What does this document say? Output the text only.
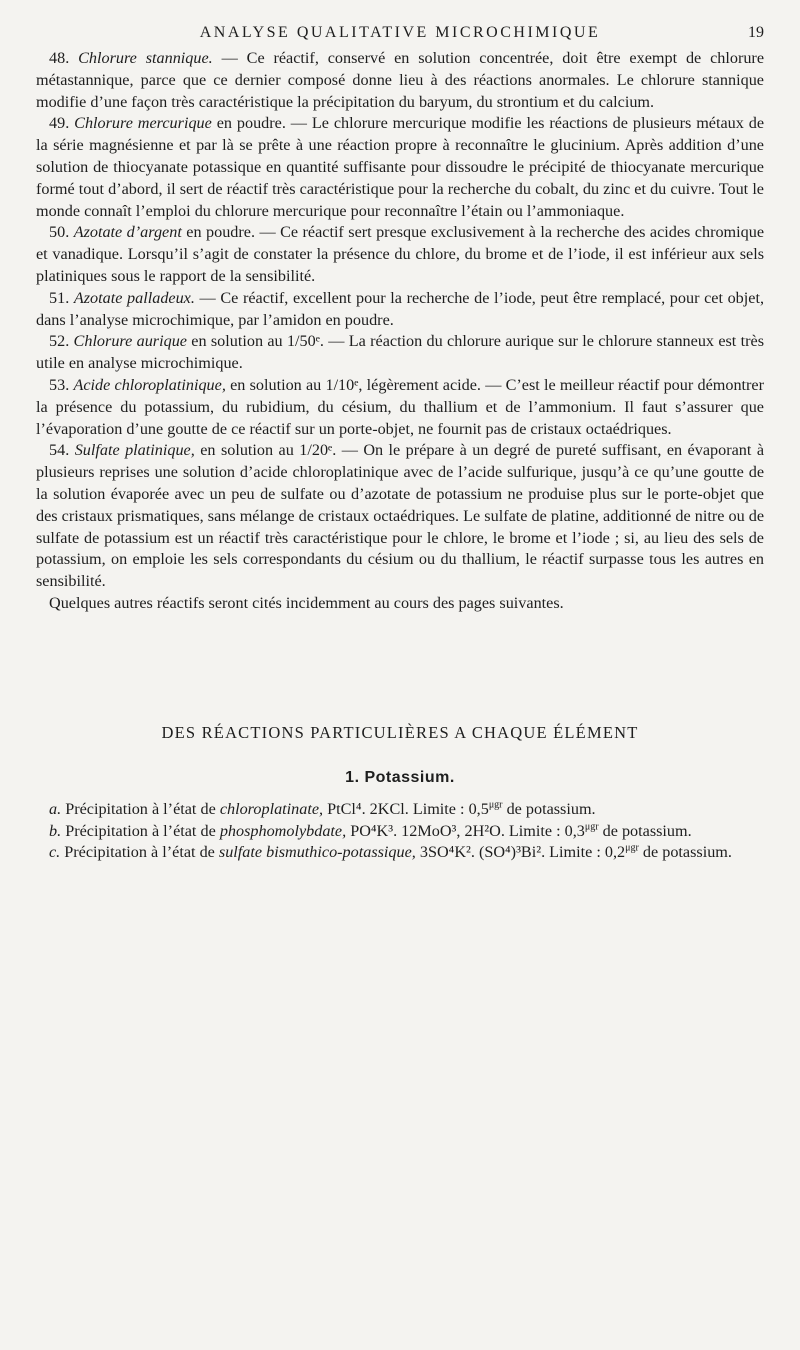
ANALYSE QUALITATIVE MICROCHIMIQUE	19

48. Chlorure stannique. — Ce réactif, conservé en solution concentrée, doit être exempt de chlorure métastannique, parce que ce dernier composé donne lieu à des réactions anormales. Le chlorure stannique modifie d’une façon très caractéristique la précipitation du baryum, du strontium et du calcium.

49. Chlorure mercurique en poudre. — Le chlorure mercurique modifie les réactions de plusieurs métaux de la série magnésienne et par là se prête à une réaction propre à reconnaître le glucinium. Après addition d’une solution de thiocyanate potassique en quantité suffisante pour dissoudre le précipité de thiocyanate mercurique formé tout d’abord, il sert de réactif très caractéristique pour la recherche du cobalt, du zinc et du cuivre. Tout le monde connaît l’emploi du chlorure mercurique pour reconnaître l’étain ou l’ammoniaque.

50. Azotate d’argent en poudre. — Ce réactif sert presque exclusivement à la recherche des acides chromique et vanadique. Lorsqu’il s’agit de constater la présence du chlore, du brome et de l’iode, il est inférieur aux sels platiniques sous le rapport de la sensibilité.

51. Azotate palladeux. — Ce réactif, excellent pour la recherche de l’iode, peut être remplacé, pour cet objet, dans l’analyse microchimique, par l’amidon en poudre.

52. Chlorure aurique en solution au 1/50ᵉ. — La réaction du chlorure aurique sur le chlorure stanneux est très utile en analyse microchimique.

53. Acide chloroplatinique, en solution au 1/10ᵉ, légèrement acide. — C’est le meilleur réactif pour démontrer la présence du potassium, du rubidium, du césium, du thallium et de l’ammonium. Il faut s’assurer que l’évaporation d’une goutte de ce réactif sur un porte-objet, ne fournit pas de cristaux octaédriques.

54. Sulfate platinique, en solution au 1/20ᵉ. — On le prépare à un degré de pureté suffisant, en évaporant à plusieurs reprises une solution d’acide chloroplatinique avec de l’acide sulfurique, jusqu’à ce qu’une goutte de la solution évaporée avec un peu de sulfate ou d’azotate de potassium ne produise plus sur le porte-objet que des cristaux prismatiques, sans mélange de cristaux octaédriques. Le sulfate de platine, additionné de nitre ou de sulfate de potassium est un réactif très caractéristique pour le chlore, le brome et l’iode ; si, au lieu des sels de potassium, on emploie les sels correspondants du césium ou du thallium, le réactif surpasse tous les autres en sensibilité.

Quelques autres réactifs seront cités incidemment au cours des pages suivantes.

DES RÉACTIONS PARTICULIÈRES A CHAQUE ÉLÉMENT
1. Potassium.

a. Précipitation à l’état de chloroplatinate, PtCl⁴. 2KCl. Limite : $0,5^{\mu gr}$ de potassium.

b. Précipitation à l’état de phosphomolybdate, PO⁴K³. 12MoO³, 2H²O. Limite : $0,3^{\mu gr}$ de potassium.

c. Précipitation à l’état de sulfate bismuthico-potassique, 3SO⁴K². (SO⁴)³Bi². Limite : $0,2^{\mu gr}$ de potassium.
